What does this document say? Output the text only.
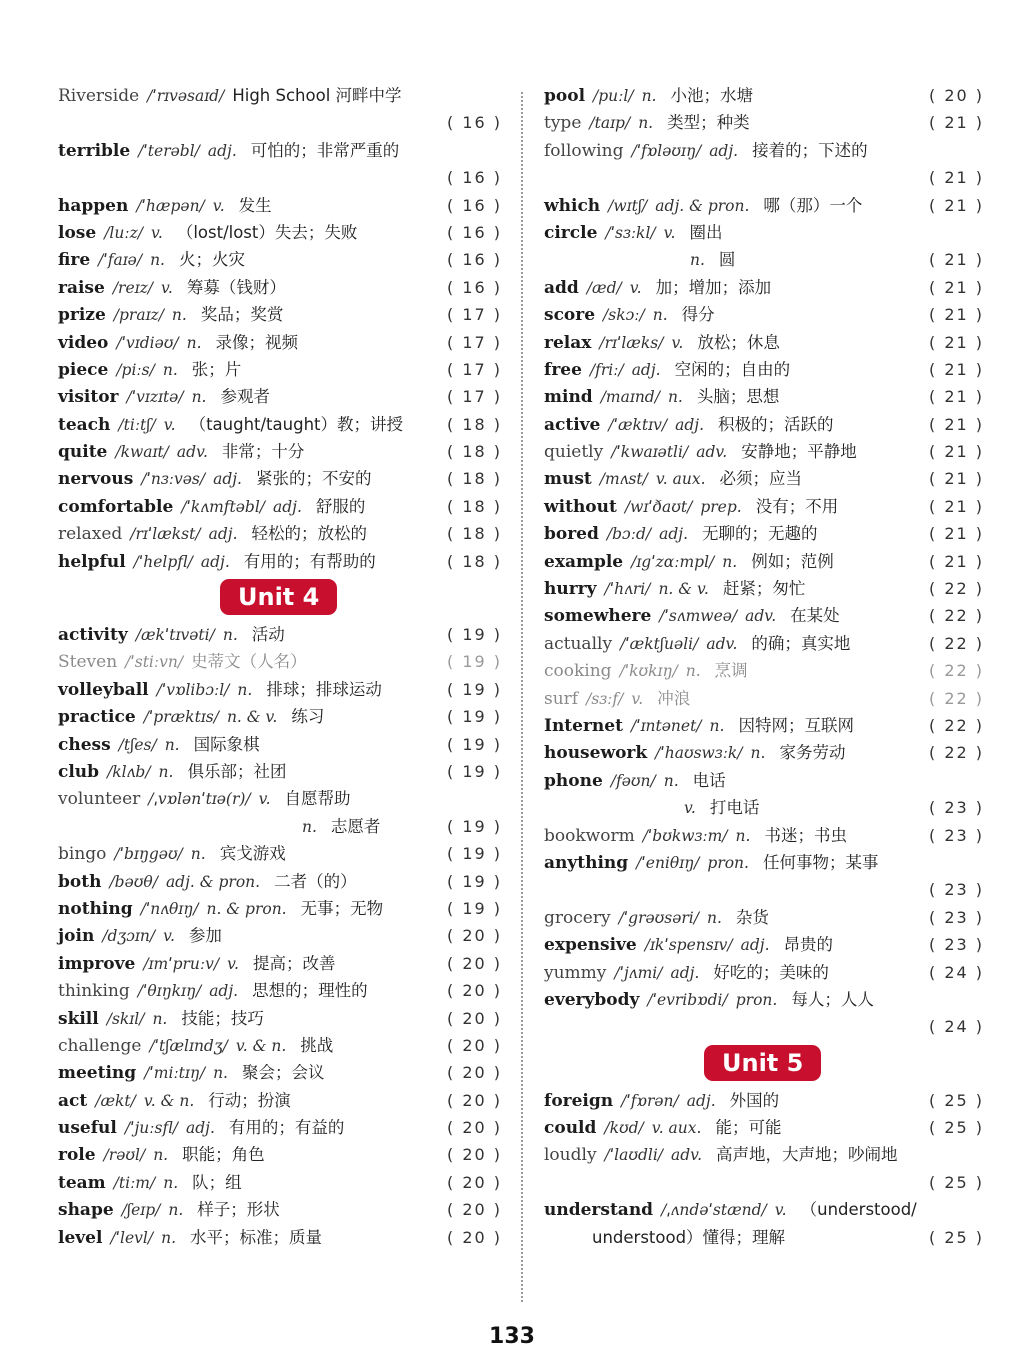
Riverside /ˈrɪvəsaɪd/ High School 河畔中学
( 16 )
terrible /ˈterəbl/ adj. 可怕的；非常严重的
( 16 )
happen /ˈhæpən/ v. 发生	( 16 )
lose /luːz/ v. （lost/lost）失去；失败	( 16 )
fire /ˈfaɪə/ n. 火；火灾	( 16 )
raise /reɪz/ v. 筹募（钱财）	( 16 )
prize /praɪz/ n. 奖品；奖赏	( 17 )
video /ˈvɪdiəʊ/ n. 录像；视频	( 17 )
piece /piːs/ n. 张；片	( 17 )
visitor /ˈvɪzɪtə/ n. 参观者	( 17 )
teach /tiːtʃ/ v. （taught/taught）教；讲授	( 18 )
quite /kwaɪt/ adv. 非常；十分	( 18 )
nervous /ˈnɜːvəs/ adj. 紧张的；不安的	( 18 )
comfortable /ˈkʌmftəbl/ adj. 舒服的	( 18 )
relaxed /rɪˈlækst/ adj. 轻松的；放松的	( 18 )
helpful /ˈhelpfl/ adj. 有用的；有帮助的	( 18 )
Unit 4
activity /ækˈtɪvəti/ n. 活动	( 19 )
Steven /ˈstiːvn/ 史蒂文（人名）	( 19 )
volleyball /ˈvɒlibɔːl/ n. 排球；排球运动	( 19 )
practice /ˈpræktɪs/ n. & v. 练习	( 19 )
chess /tʃes/ n. 国际象棋	( 19 )
club /klʌb/ n. 俱乐部；社团	( 19 )
volunteer /ˌvɒlənˈtɪə(r)/ v. 自愿帮助
n. 志愿者	( 19 )
bingo /ˈbɪŋgəʊ/ n. 宾戈游戏	( 19 )
both /bəʊθ/ adj. & pron. 二者（的）	( 19 )
nothing /ˈnʌθɪŋ/ n. & pron. 无事；无物	( 19 )
join /dʒɔɪn/ v. 参加	( 20 )
improve /ɪmˈpruːv/ v. 提高；改善	( 20 )
thinking /ˈθɪŋkɪŋ/ adj. 思想的；理性的	( 20 )
skill /skɪl/ n. 技能；技巧	( 20 )
challenge /ˈtʃælɪndʒ/ v. & n. 挑战	( 20 )
meeting /ˈmiːtɪŋ/ n. 聚会；会议	( 20 )
act /ækt/ v. & n. 行动；扮演	( 20 )
useful /ˈjuːsfl/ adj. 有用的；有益的	( 20 )
role /rəʊl/ n. 职能；角色	( 20 )
team /tiːm/ n. 队；组	( 20 )
shape /ʃeɪp/ n. 样子；形状	( 20 )
level /ˈlevl/ n. 水平；标准；质量	( 20 )
pool /puːl/ n. 小池；水塘	( 20 )
type /taɪp/ n. 类型；种类	( 21 )
following /ˈfɒləʊɪŋ/ adj. 接着的；下述的
( 21 )
which /wɪtʃ/ adj. & pron. 哪（那）一个	( 21 )
circle /ˈsɜːkl/ v. 圈出
n. 圆	( 21 )
add /æd/ v. 加；增加；添加	( 21 )
score /skɔː/ n. 得分	( 21 )
relax /rɪˈlæks/ v. 放松；休息	( 21 )
free /friː/ adj. 空闲的；自由的	( 21 )
mind /maɪnd/ n. 头脑；思想	( 21 )
active /ˈæktɪv/ adj. 积极的；活跃的	( 21 )
quietly /ˈkwaɪətli/ adv. 安静地；平静地	( 21 )
must /mʌst/ v. aux. 必须；应当	( 21 )
without /wɪˈðaʊt/ prep. 没有；不用	( 21 )
bored /bɔːd/ adj. 无聊的；无趣的	( 21 )
example /ɪgˈzɑːmpl/ n. 例如；范例	( 21 )
hurry /ˈhʌri/ n. & v. 赶紧；匆忙	( 22 )
somewhere /ˈsʌmweə/ adv. 在某处	( 22 )
actually /ˈæktʃuəli/ adv. 的确；真实地	( 22 )
cooking /ˈkʊkɪŋ/ n. 烹调	( 22 )
surf /sɜːf/ v. 冲浪	( 22 )
Internet /ˈɪntənet/ n. 因特网；互联网	( 22 )
housework /ˈhaʊswɜːk/ n. 家务劳动	( 22 )
phone /fəʊn/ n. 电话
v. 打电话	( 23 )
bookworm /ˈbʊkwɜːm/ n. 书迷；书虫	( 23 )
anything /ˈeniθɪŋ/ pron. 任何事物；某事
( 23 )
grocery /ˈgrəʊsəri/ n. 杂货	( 23 )
expensive /ɪkˈspensɪv/ adj. 昂贵的	( 23 )
yummy /ˈjʌmi/ adj. 好吃的；美味的	( 24 )
everybody /ˈevribɒdi/ pron. 每人；人人
( 24 )
Unit 5
foreign /ˈfɒrən/ adj. 外国的	( 25 )
could /kʊd/ v. aux. 能；可能	( 25 )
loudly /ˈlaʊdli/ adv. 高声地，大声地；吵闹地
( 25 )
understand /ˌʌndəˈstænd/ v. （understood/
understood）懂得；理解	( 25 )
133
